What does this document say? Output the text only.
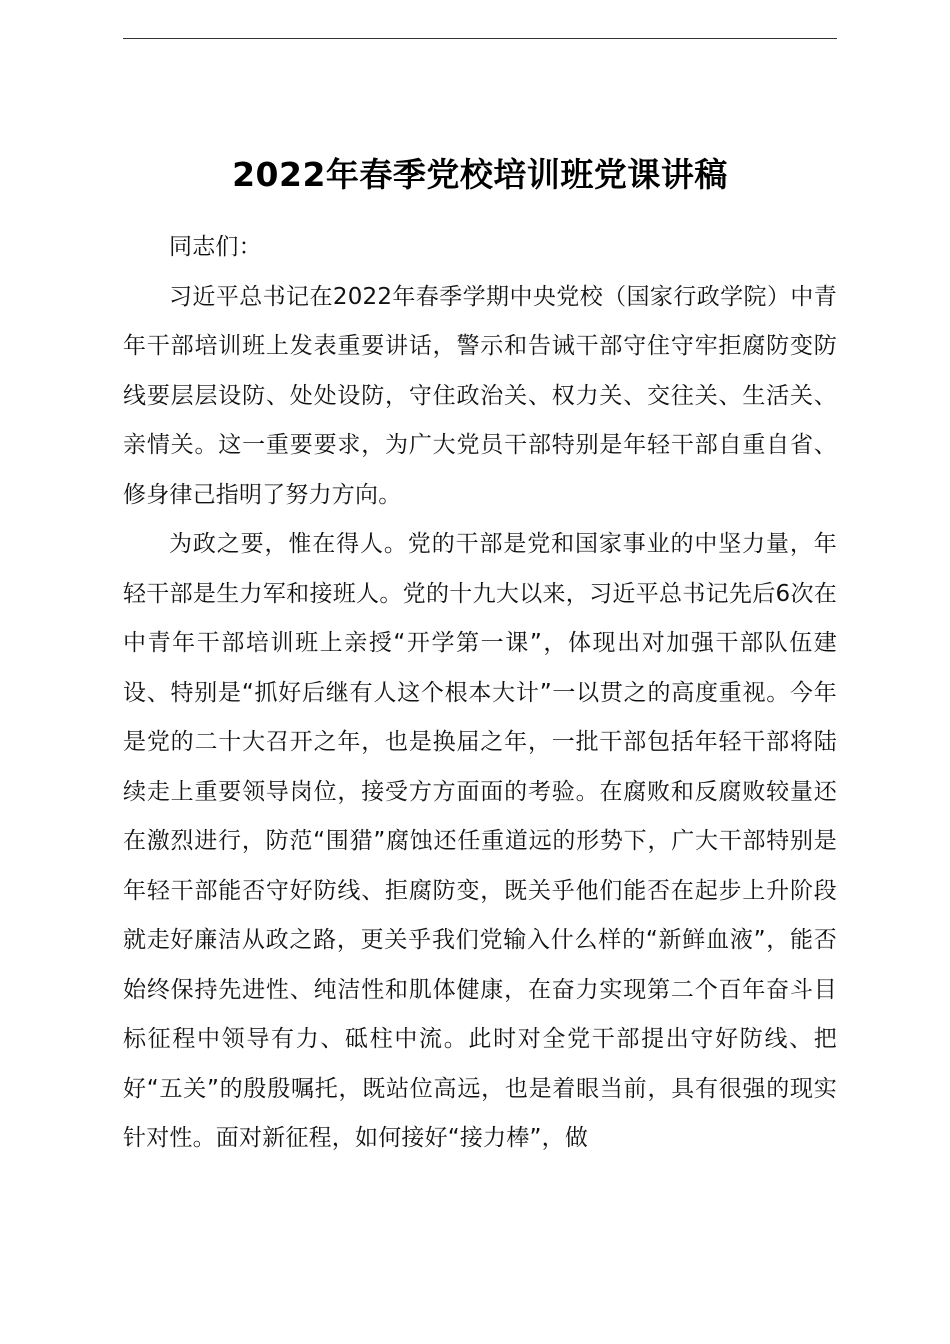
2022年春季党校培训班党课讲稿

同志们：

习近平总书记在2022年春季学期中央党校（国家行政学院）中青年干部培训班上发表重要讲话，警示和告诫干部守住守牢拒腐防变防线要层层设防、处处设防，守住政治关、权力关、交往关、生活关、亲情关。这一重要要求，为广大党员干部特别是年轻干部自重自省、修身律己指明了努力方向。

为政之要，惟在得人。党的干部是党和国家事业的中坚力量，年轻干部是生力军和接班人。党的十九大以来，习近平总书记先后6次在中青年干部培训班上亲授“开学第一课”，体现出对加强干部队伍建设、特别是“抓好后继有人这个根本大计”一以贯之的高度重视。今年是党的二十大召开之年，也是换届之年，一批干部包括年轻干部将陆续走上重要领导岗位，接受方方面面的考验。在腐败和反腐败较量还在激烈进行，防范“围猎”腐蚀还任重道远的形势下，广大干部特别是年轻干部能否守好防线、拒腐防变，既关乎他们能否在起步上升阶段就走好廉洁从政之路，更关乎我们党输入什么样的“新鲜血液”，能否始终保持先进性、纯洁性和肌体健康，在奋力实现第二个百年奋斗目标征程中领导有力、砥柱中流。此时对全党干部提出守好防线、把好“五关”的殷殷嘱托，既站位高远，也是着眼当前，具有很强的现实针对性。面对新征程，如何接好“接力棒”，做
